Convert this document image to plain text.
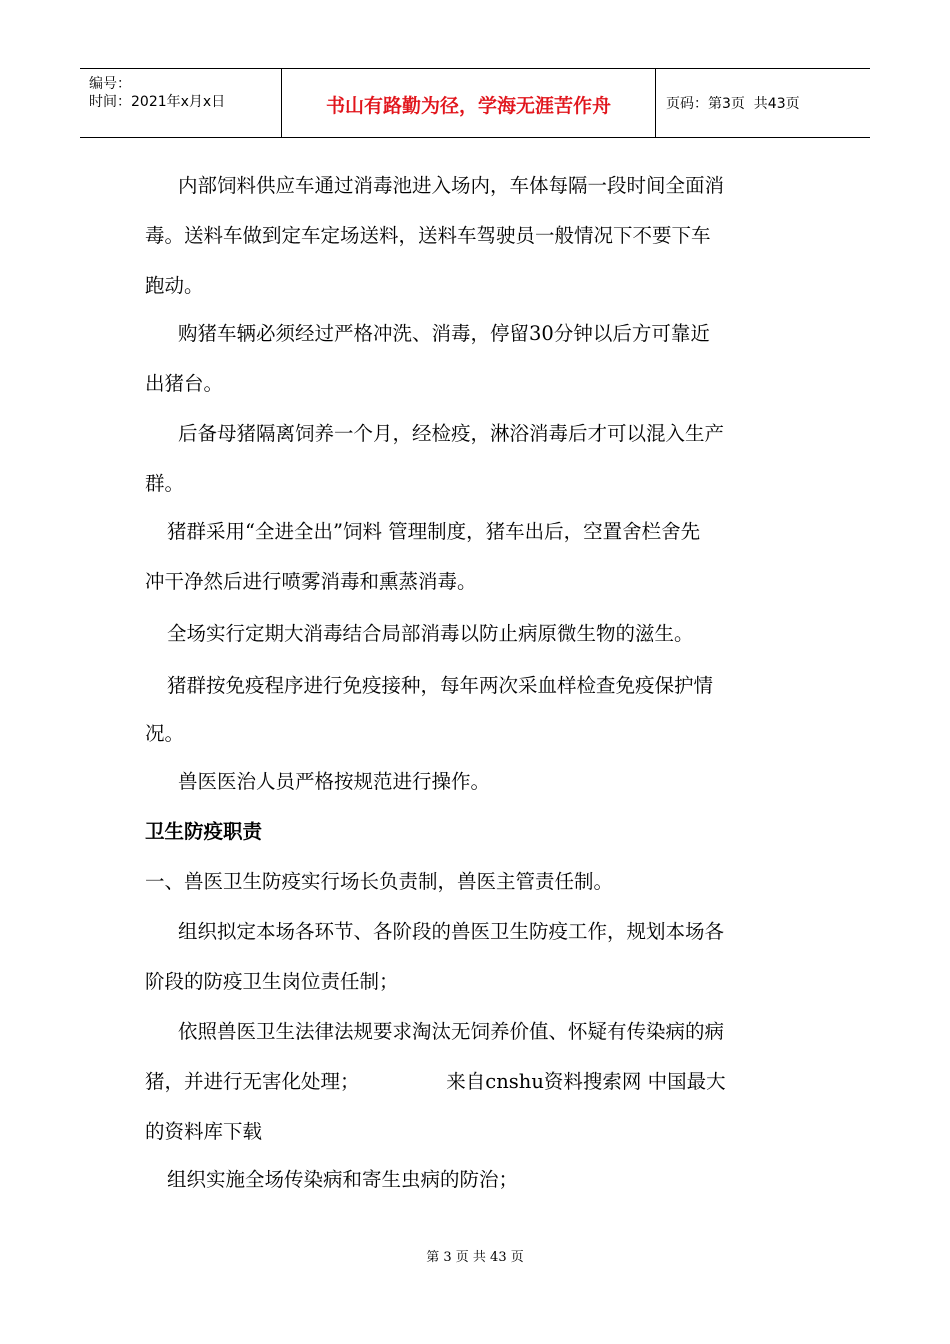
编号：
时间：2021年x月x日	书山有路勤为径，学海无涯苦作舟	页码：第3页  共43页
内部饲料供应车通过消毒池进入场内，车体每隔一段时间全面消
毒。送料车做到定车定场送料，送料车驾驶员一般情况下不要下车
跑动。
购猪车辆必须经过严格冲洗、消毒，停留30分钟以后方可靠近
出猪台。
后备母猪隔离饲养一个月，经检疫，淋浴消毒后才可以混入生产
群。
猪群采用“全进全出”饲料 管理制度，猪车出后，空置舍栏舍先
冲干净然后进行喷雾消毒和熏蒸消毒。
全场实行定期大消毒结合局部消毒以防止病原微生物的滋生。
猪群按免疫程序进行免疫接种，每年两次采血样检查免疫保护情
况。
兽医医治人员严格按规范进行操作。
卫生防疫职责
一、兽医卫生防疫实行场长负责制，兽医主管责任制。
组织拟定本场各环节、各阶段的兽医卫生防疫工作，规划本场各
阶段的防疫卫生岗位责任制；
依照兽医卫生法律法规要求淘汰无饲养价值、怀疑有传染病的病
猪，并进行无害化处理；              来自cnshu资料搜索网 中国最大
的资料库下载
组织实施全场传染病和寄生虫病的防治；
第 3 页 共 43 页
